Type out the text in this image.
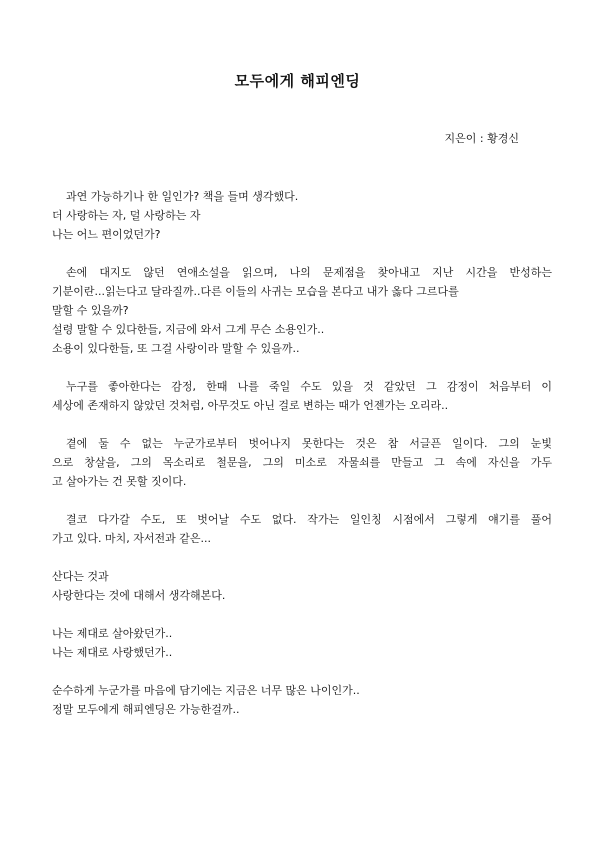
모두에게 해피엔딩
지은이 : 황경신
과연 가능하기나 한 일인가? 책을 들며 생각했다.
더 사랑하는 자, 덜 사랑하는 자
나는 어느 편이었던가?
손에 대지도 않던 연애소설을 읽으며, 나의 문제점을 찾아내고 지난 시간을 반성하는
기분이란...읽는다고 달라질까..다른 이들의 사귀는 모습을 본다고 내가 옳다 그르다를
말할 수 있을까?
설령 말할 수 있다한들, 지금에 와서 그게 무슨 소용인가..
소용이 있다한들, 또 그걸 사랑이라 말할 수 있을까..
누구를 좋아한다는 감정, 한때 나를 죽일 수도 있을 것 같았던 그 감정이 처음부터 이
세상에 존재하지 않았던 것처럼, 아무것도 아닌 걸로 변하는 때가 언젠가는 오리라..
곁에 둘 수 없는 누군가로부터 벗어나지 못한다는 것은 참 서글픈 일이다. 그의 눈빛
으로 창살을, 그의 목소리로 철문을, 그의 미소로 자물쇠를 만들고 그 속에 자신을 가두
고 살아가는 건 못할 짓이다.
결코 다가갈 수도, 또 벗어날 수도 없다. 작가는 일인칭 시점에서 그렇게 얘기를 풀어
가고 있다. 마치, 자서전과 같은...
산다는 것과
사랑한다는 것에 대해서 생각해본다.
나는 제대로 살아왔던가..
나는 제대로 사랑했던가..
순수하게 누군가를 마음에 담기에는 지금은 너무 많은 나이인가..
정말 모두에게 해피엔딩은 가능한걸까..
